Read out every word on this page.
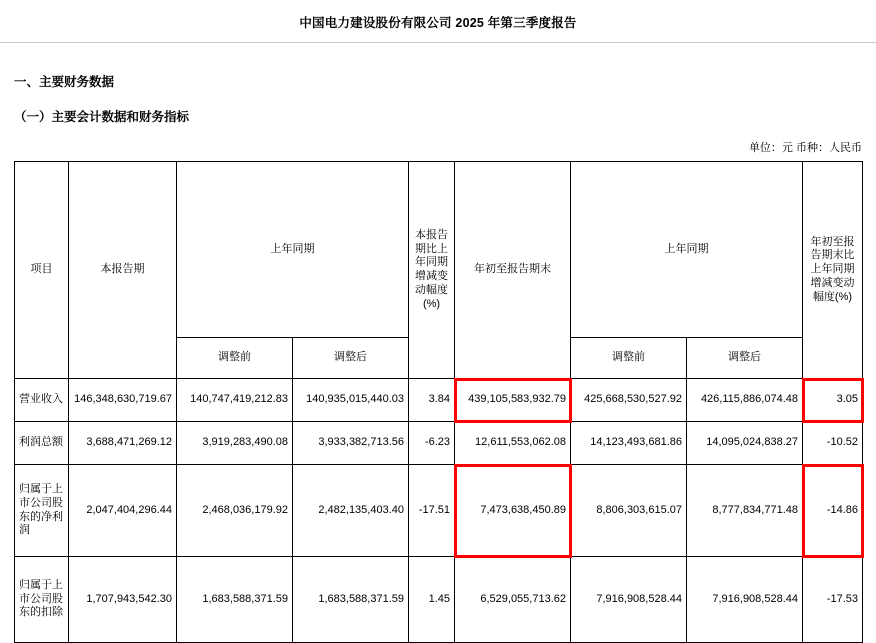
中国电力建设股份有限公司 2025 年第三季度报告
一、主要财务数据
（一）主要会计数据和财务指标
单位：元 币种：人民币
项目	本报告期	上年同期		本报告期比上年同期增减变动幅度(%)	年初至报告期末	上年同期		年初至报告期末比上年同期增减变动幅度(%)
		调整前	调整后			调整前	调整后	
营业收入	146,348,630,719.67	140,747,419,212.83	140,935,015,440.03	3.84	439,105,583,932.79	425,668,530,527.92	426,115,886,074.48	3.05
利润总额	3,688,471,269.12	3,919,283,490.08	3,933,382,713.56	-6.23	12,611,553,062.08	14,123,493,681.86	14,095,024,838.27	-10.52
归属于上市公司股东的净利润	2,047,404,296.44	2,468,036,179.92	2,482,135,403.40	-17.51	7,473,638,450.89	8,806,303,615.07	8,777,834,771.48	-14.86
归属于上市公司股东的扣除	1,707,943,542.30	1,683,588,371.59	1,683,588,371.59	1.45	6,529,055,713.62	7,916,908,528.44	7,916,908,528.44	-17.53
